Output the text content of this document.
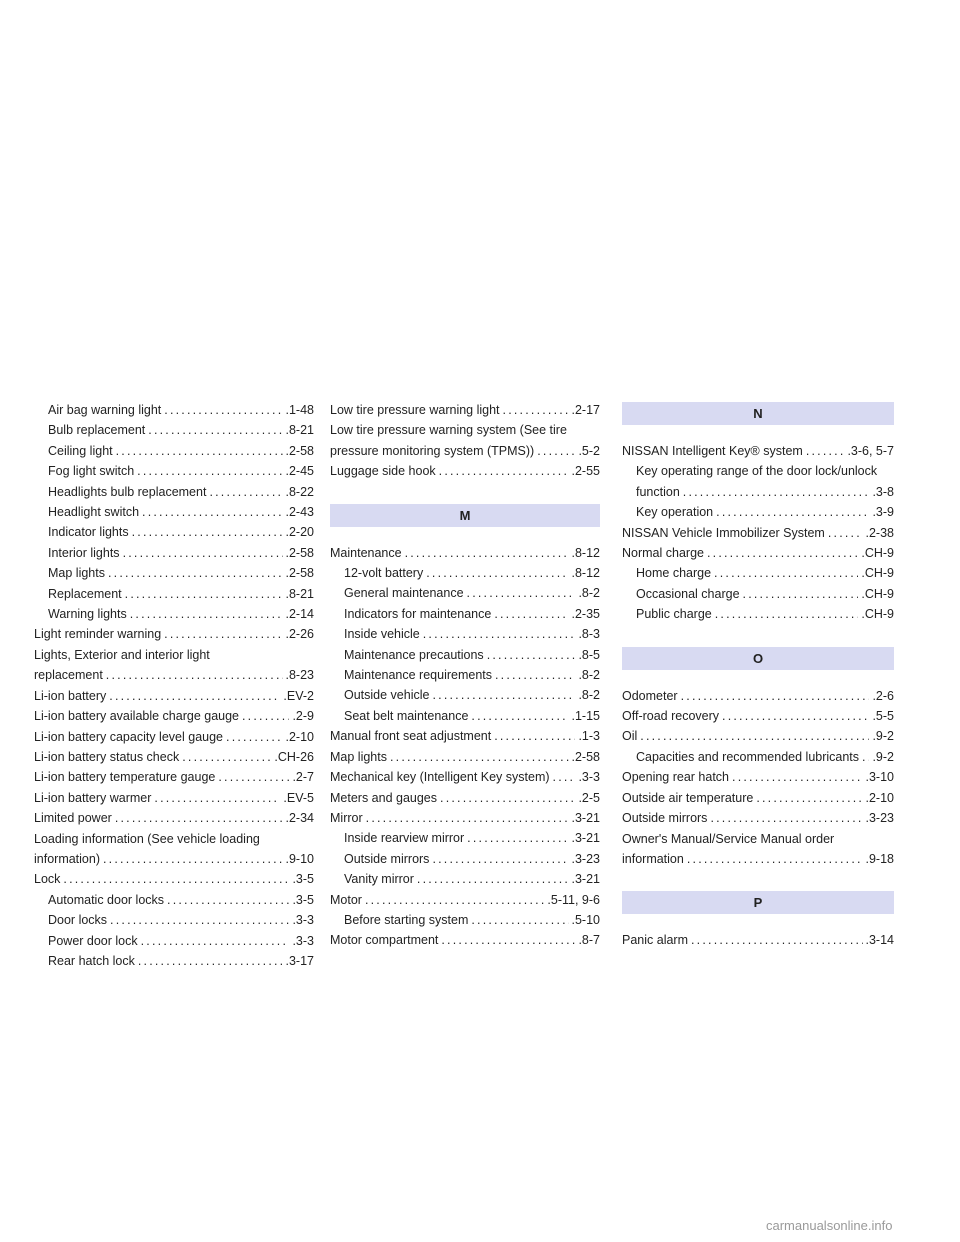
Air bag warning light	.1-48
.....
Bulb replacement	.8-21
.....
Ceiling light	.2-58
.....
Fog light switch	.2-45
.....
Headlights bulb replacement	.8-22
.....
Headlight switch	.2-43
.....
Indicator lights	.2-20
.....
Interior lights	.2-58
.....
Map lights	.2-58
.....
Replacement	.8-21
.....
Warning lights	.2-14
.....
Light reminder warning	.2-26
.....
Lights, Exterior and interior light
replacement	.8-23
.....
Li-ion battery	.EV-2
.....
Li-ion battery available charge gauge	.2-9
.....
Li-ion battery capacity level gauge	.2-10
.....
Li-ion battery status check	.CH-26
.....
Li-ion battery temperature gauge	.2-7
.....
Li-ion battery warmer	.EV-5
.....
Limited power	.2-34
.....
Loading information (See vehicle loading
information)	.9-10
.....
Lock	.3-5
.....
Automatic door locks	.3-5
.....
Door locks	.3-3
.....
Power door lock	.3-3
.....
Rear hatch lock	.3-17
.....
Low tire pressure warning light	.2-17
.....
Low tire pressure warning system (See tire
pressure monitoring system (TPMS))	.5-2
.....
Luggage side hook	.2-55
.....
M
Maintenance	.8-12
.....
12-volt battery	.8-12
.....
General maintenance	.8-2
.....
Indicators for maintenance	.2-35
.....
Inside vehicle	.8-3
.....
Maintenance precautions	.8-5
.....
Maintenance requirements	.8-2
.....
Outside vehicle	.8-2
.....
Seat belt maintenance	.1-15
.....
Manual front seat adjustment	.1-3
.....
Map lights	.2-58
.....
Mechanical key (Intelligent Key system) .3-3
.....
Meters and gauges	.2-5
.....
Mirror	.3-21
.....
Inside rearview mirror	.3-21
.....
Outside mirrors	.3-23
.....
Vanity mirror	.3-21
.....
Motor	.5-11, 9-6
.....
Before starting system	.5-10
.....
Motor compartment	.8-7
.....
N
NISSAN Intelligent Key® system	.3-6, 5-7
.....
Key operating range of the door lock/unlock
function	.3-8
.....
Key operation	.3-9
.....
NISSAN Vehicle Immobilizer System	.2-38
.....
Normal charge	.CH-9
.....
Home charge	.CH-9
.....
Occasional charge	.CH-9
.....
Public charge	.CH-9
.....
O
Odometer	.2-6
.....
Off-road recovery	.5-5
.....
Oil	.9-2
.....
Capacities and recommended lubricants .9-2
.....
Opening rear hatch	.3-10
.....
Outside air temperature	.2-10
.....
Outside mirrors	.3-23
.....
Owner's Manual/Service Manual order
information	.9-18
.....
P
Panic alarm	.3-14
.....
carmanualsonline.info
